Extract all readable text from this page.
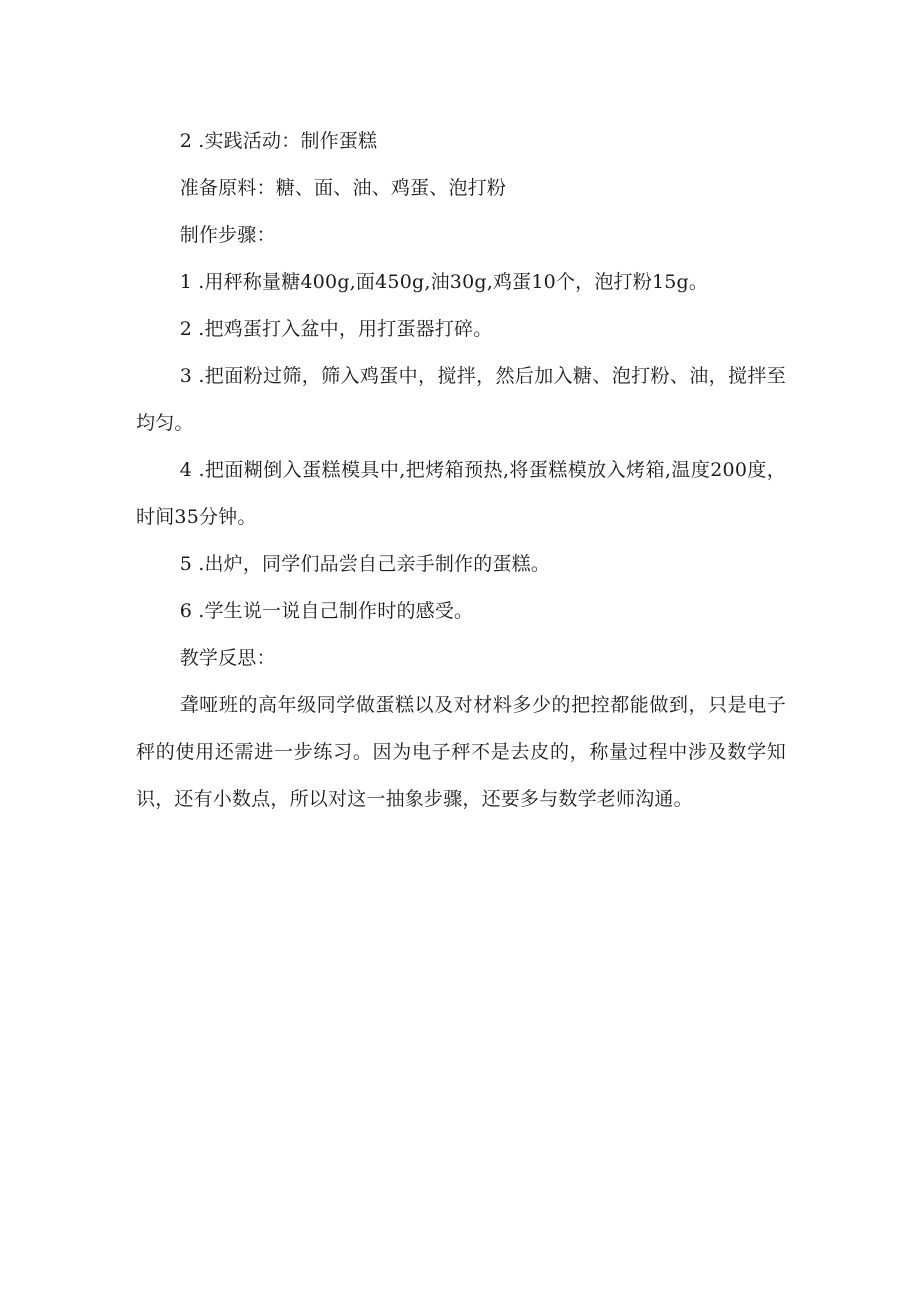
2 .实践活动：制作蛋糕

准备原料：糖、面、油、鸡蛋、泡打粉

制作步骤：

1 .用秤称量糖400g,面450g,油30g,鸡蛋10个，泡打粉15g。

2 .把鸡蛋打入盆中，用打蛋器打碎。

3 .把面粉过筛，筛入鸡蛋中，搅拌，然后加入糖、泡打粉、油，搅拌至均匀。

4 .把面糊倒入蛋糕模具中,把烤箱预热,将蛋糕模放入烤箱,温度200度，时间35分钟。

5 .出炉，同学们品尝自己亲手制作的蛋糕。

6 .学生说一说自己制作时的感受。

教学反思：

聋哑班的高年级同学做蛋糕以及对材料多少的把控都能做到，只是电子秤的使用还需进一步练习。因为电子秤不是去皮的，称量过程中涉及数学知识，还有小数点，所以对这一抽象步骤，还要多与数学老师沟通。
